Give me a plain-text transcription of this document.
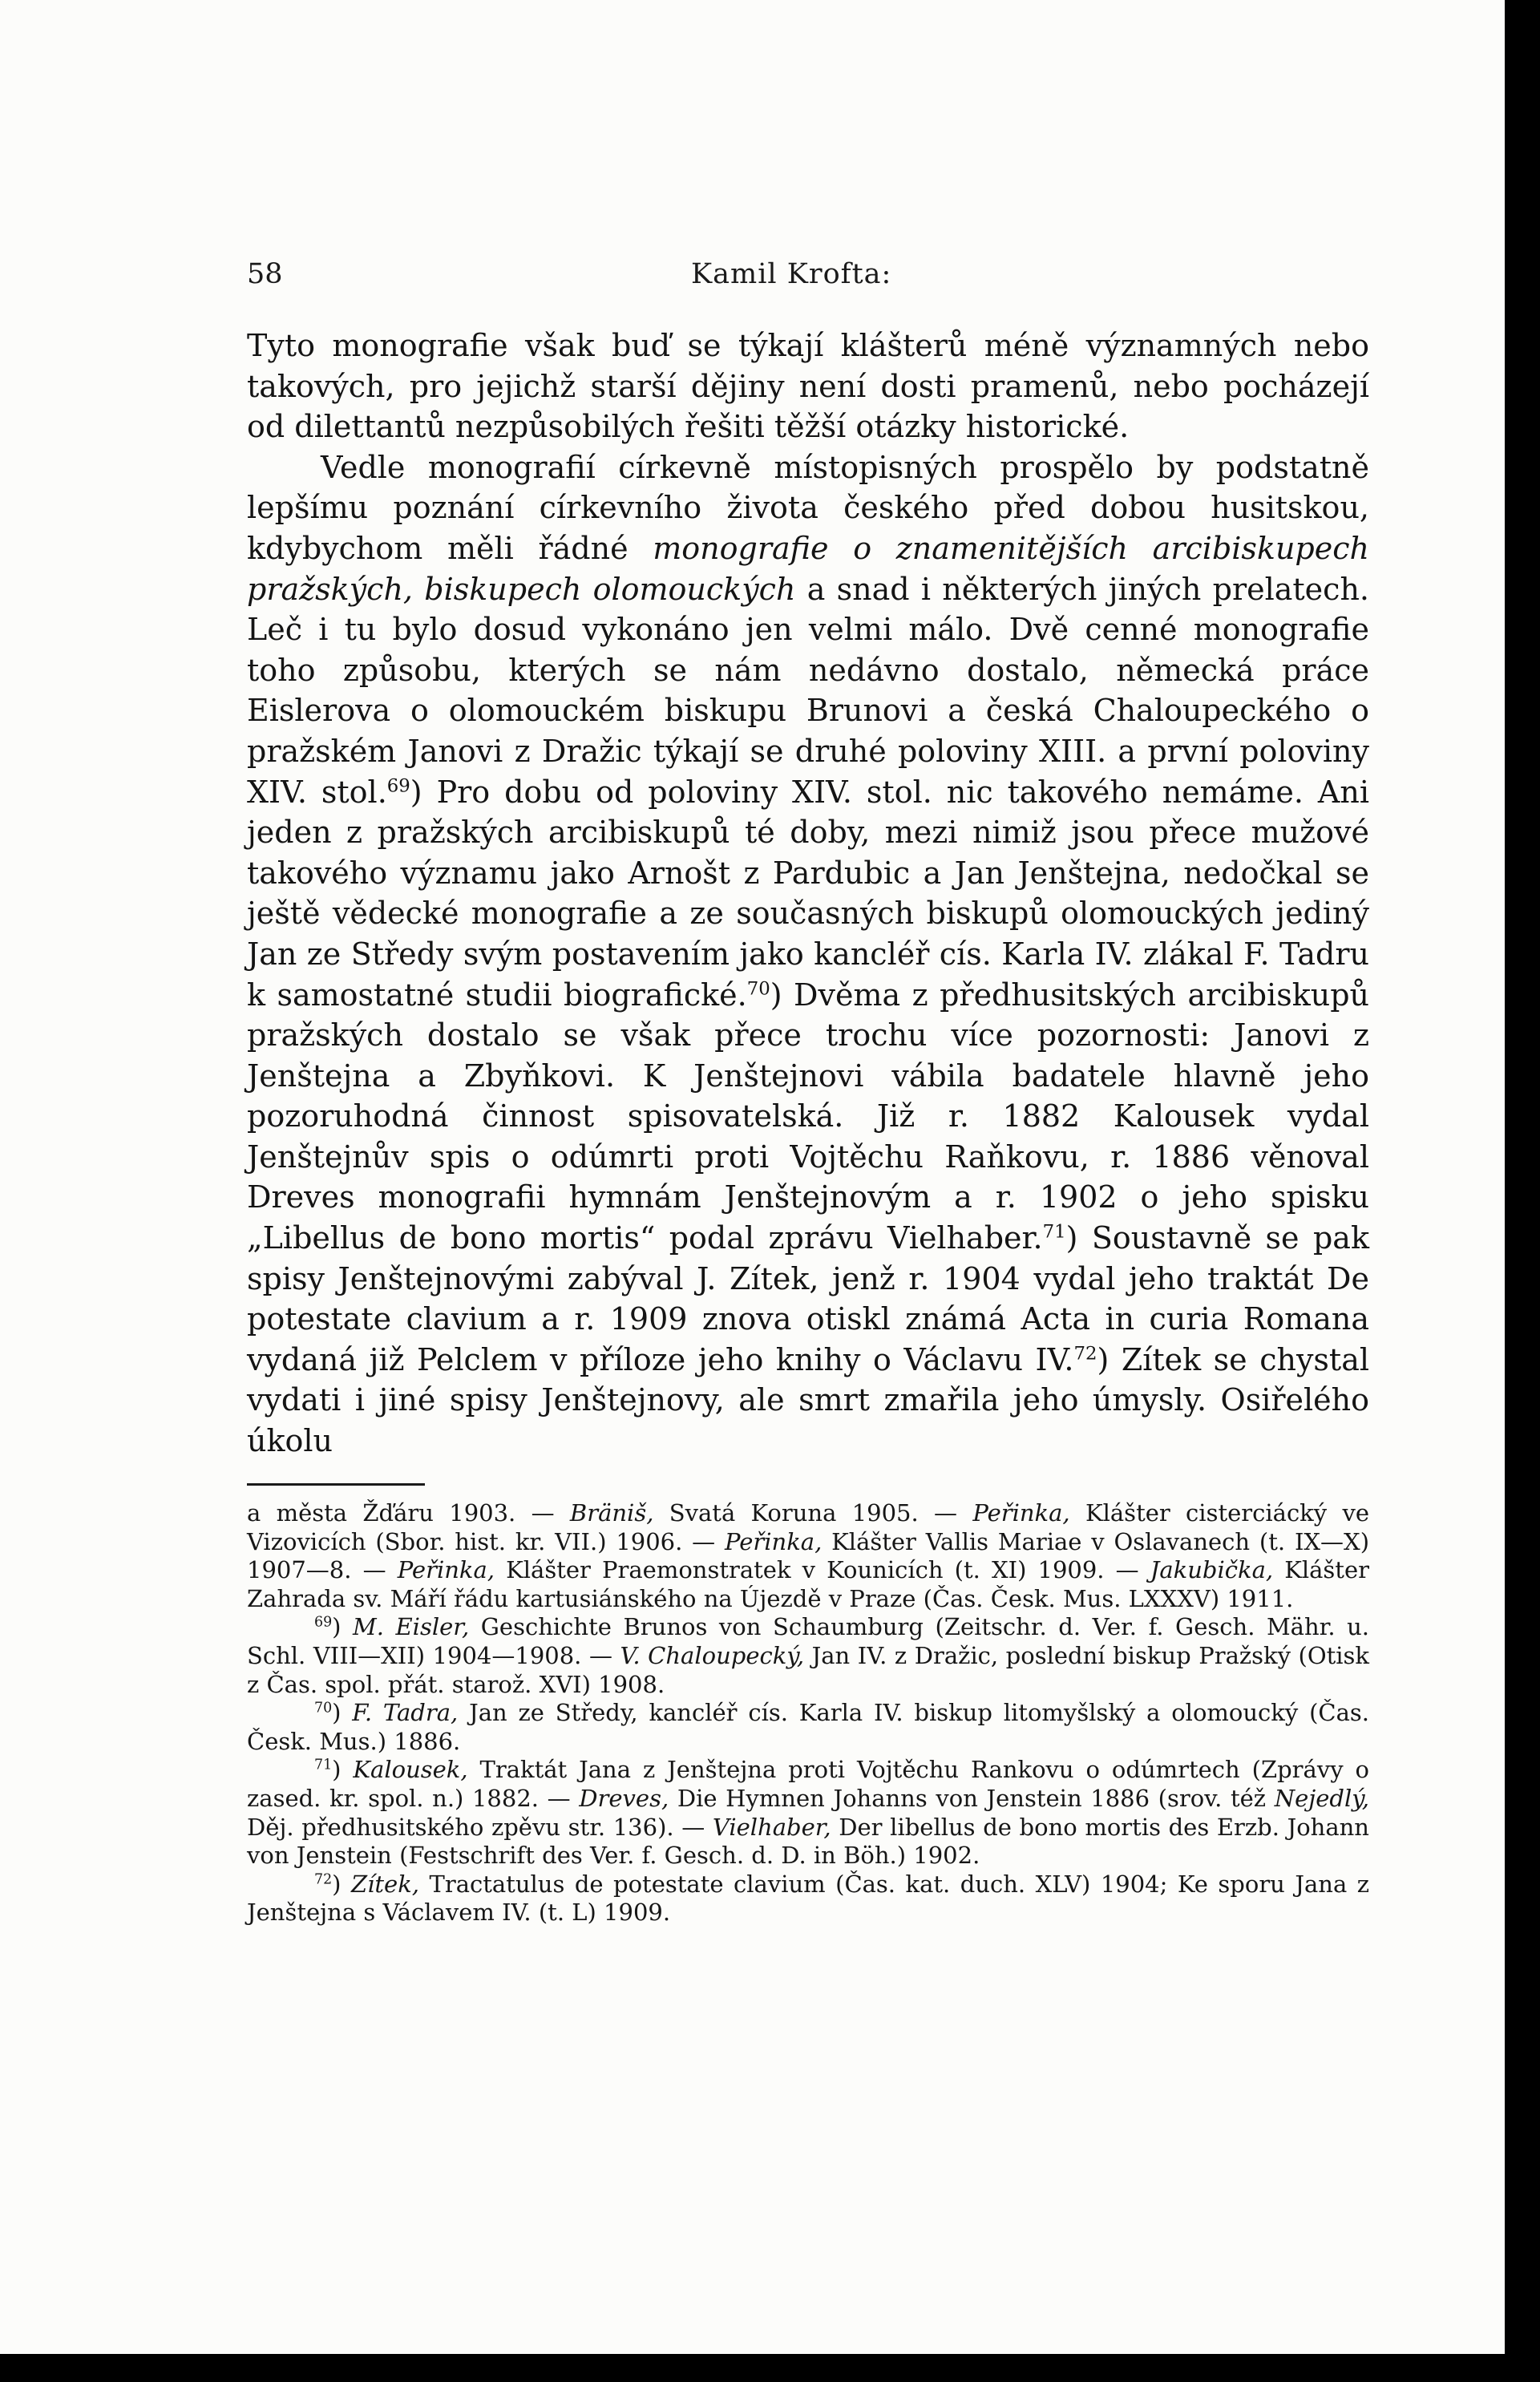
58	Kamil Krofta:

Tyto monografie však buď se týkají klášterů méně významných nebo takových, pro jejichž starší dějiny není dosti pramenů, nebo pocházejí od dilettantů nezpůsobilých řešiti těžší otázky historické.

Vedle monografií církevně místopisných prospělo by podstatně lepšímu poznání církevního života českého před dobou husitskou, kdybychom měli řádné monografie o znamenitějších arcibiskupech pražských, biskupech olomouckých a snad i některých jiných prelatech. Leč i tu bylo dosud vykonáno jen velmi málo. Dvě cenné monografie toho způsobu, kterých se nám nedávno dostalo, německá práce Eislerova o olomouckém biskupu Brunovi a česká Chaloupeckého o pražském Janovi z Dražic týkají se druhé poloviny XIII. a první poloviny XIV. stol.$^{69}$) Pro dobu od poloviny XIV. stol. nic takového nemáme. Ani jeden z pražských arcibiskupů té doby, mezi nimiž jsou přece mužové takového významu jako Arnošt z Pardubic a Jan Jenštejna, nedočkal se ještě vědecké monografie a ze současných biskupů olomouckých jediný Jan ze Středy svým postavením jako kancléř cís. Karla IV. zlákal F. Tadru k samostatné studii biografické.$^{70}$) Dvěma z předhusitských arcibiskupů pražských dostalo se však přece trochu více pozornosti: Janovi z Jenštejna a Zbyňkovi. K Jenštejnovi vábila badatele hlavně jeho pozoruhodná činnost spisovatelská. Již r. 1882 Kalousek vydal Jenštejnův spis o odúmrti proti Vojtěchu Raňkovu, r. 1886 věnoval Dreves monografii hymnám Jenštejnovým a r. 1902 o jeho spisku „Libellus de bono mortis“ podal zprávu Vielhaber.$^{71}$) Soustavně se pak spisy Jenštejnovými zabýval J. Zítek, jenž r. 1904 vydal jeho traktát De potestate clavium a r. 1909 znova otiskl známá Acta in curia Romana vydaná již Pelclem v příloze jeho knihy o Václavu IV.$^{72}$) Zítek se chystal vydati i jiné spisy Jenštejnovy, ale smrt zmařila jeho úmysly. Osiřelého úkolu

a města Žďáru 1903. — Bräniš, Svatá Koruna 1905. — Peřinka, Klášter cisterciácký ve Vizovicích (Sbor. hist. kr. VII.) 1906. — Peřinka, Klášter Vallis Mariae v Oslavanech (t. IX—X) 1907—8. — Peřinka, Klášter Praemonstratek v Kounicích (t. XI) 1909. — Jakubička, Klášter Zahrada sv. Máří řádu kartusiánského na Újezdě v Praze (Čas. Česk. Mus. LXXXV) 1911.

$^{69}$) M. Eisler, Geschichte Brunos von Schaumburg (Zeitschr. d. Ver. f. Gesch. Mähr. u. Schl. VIII—XII) 1904—1908. — V. Chaloupecký, Jan IV. z Dražic, poslední biskup Pražský (Otisk z Čas. spol. přát. starož. XVI) 1908.

$^{70}$) F. Tadra, Jan ze Středy, kancléř cís. Karla IV. biskup litomyšlský a olomoucký (Čas. Česk. Mus.) 1886.

$^{71}$) Kalousek, Traktát Jana z Jenštejna proti Vojtěchu Rankovu o odúmrtech (Zprávy o zased. kr. spol. n.) 1882. — Dreves, Die Hymnen Johanns von Jenstein 1886 (srov. též Nejedlý, Děj. předhusitského zpěvu str. 136). — Vielhaber, Der libellus de bono mortis des Erzb. Johann von Jenstein (Festschrift des Ver. f. Gesch. d. D. in Böh.) 1902.

$^{72}$) Zítek, Tractatulus de potestate clavium (Čas. kat. duch. XLV) 1904; Ke sporu Jana z Jenštejna s Václavem IV. (t. L) 1909.
